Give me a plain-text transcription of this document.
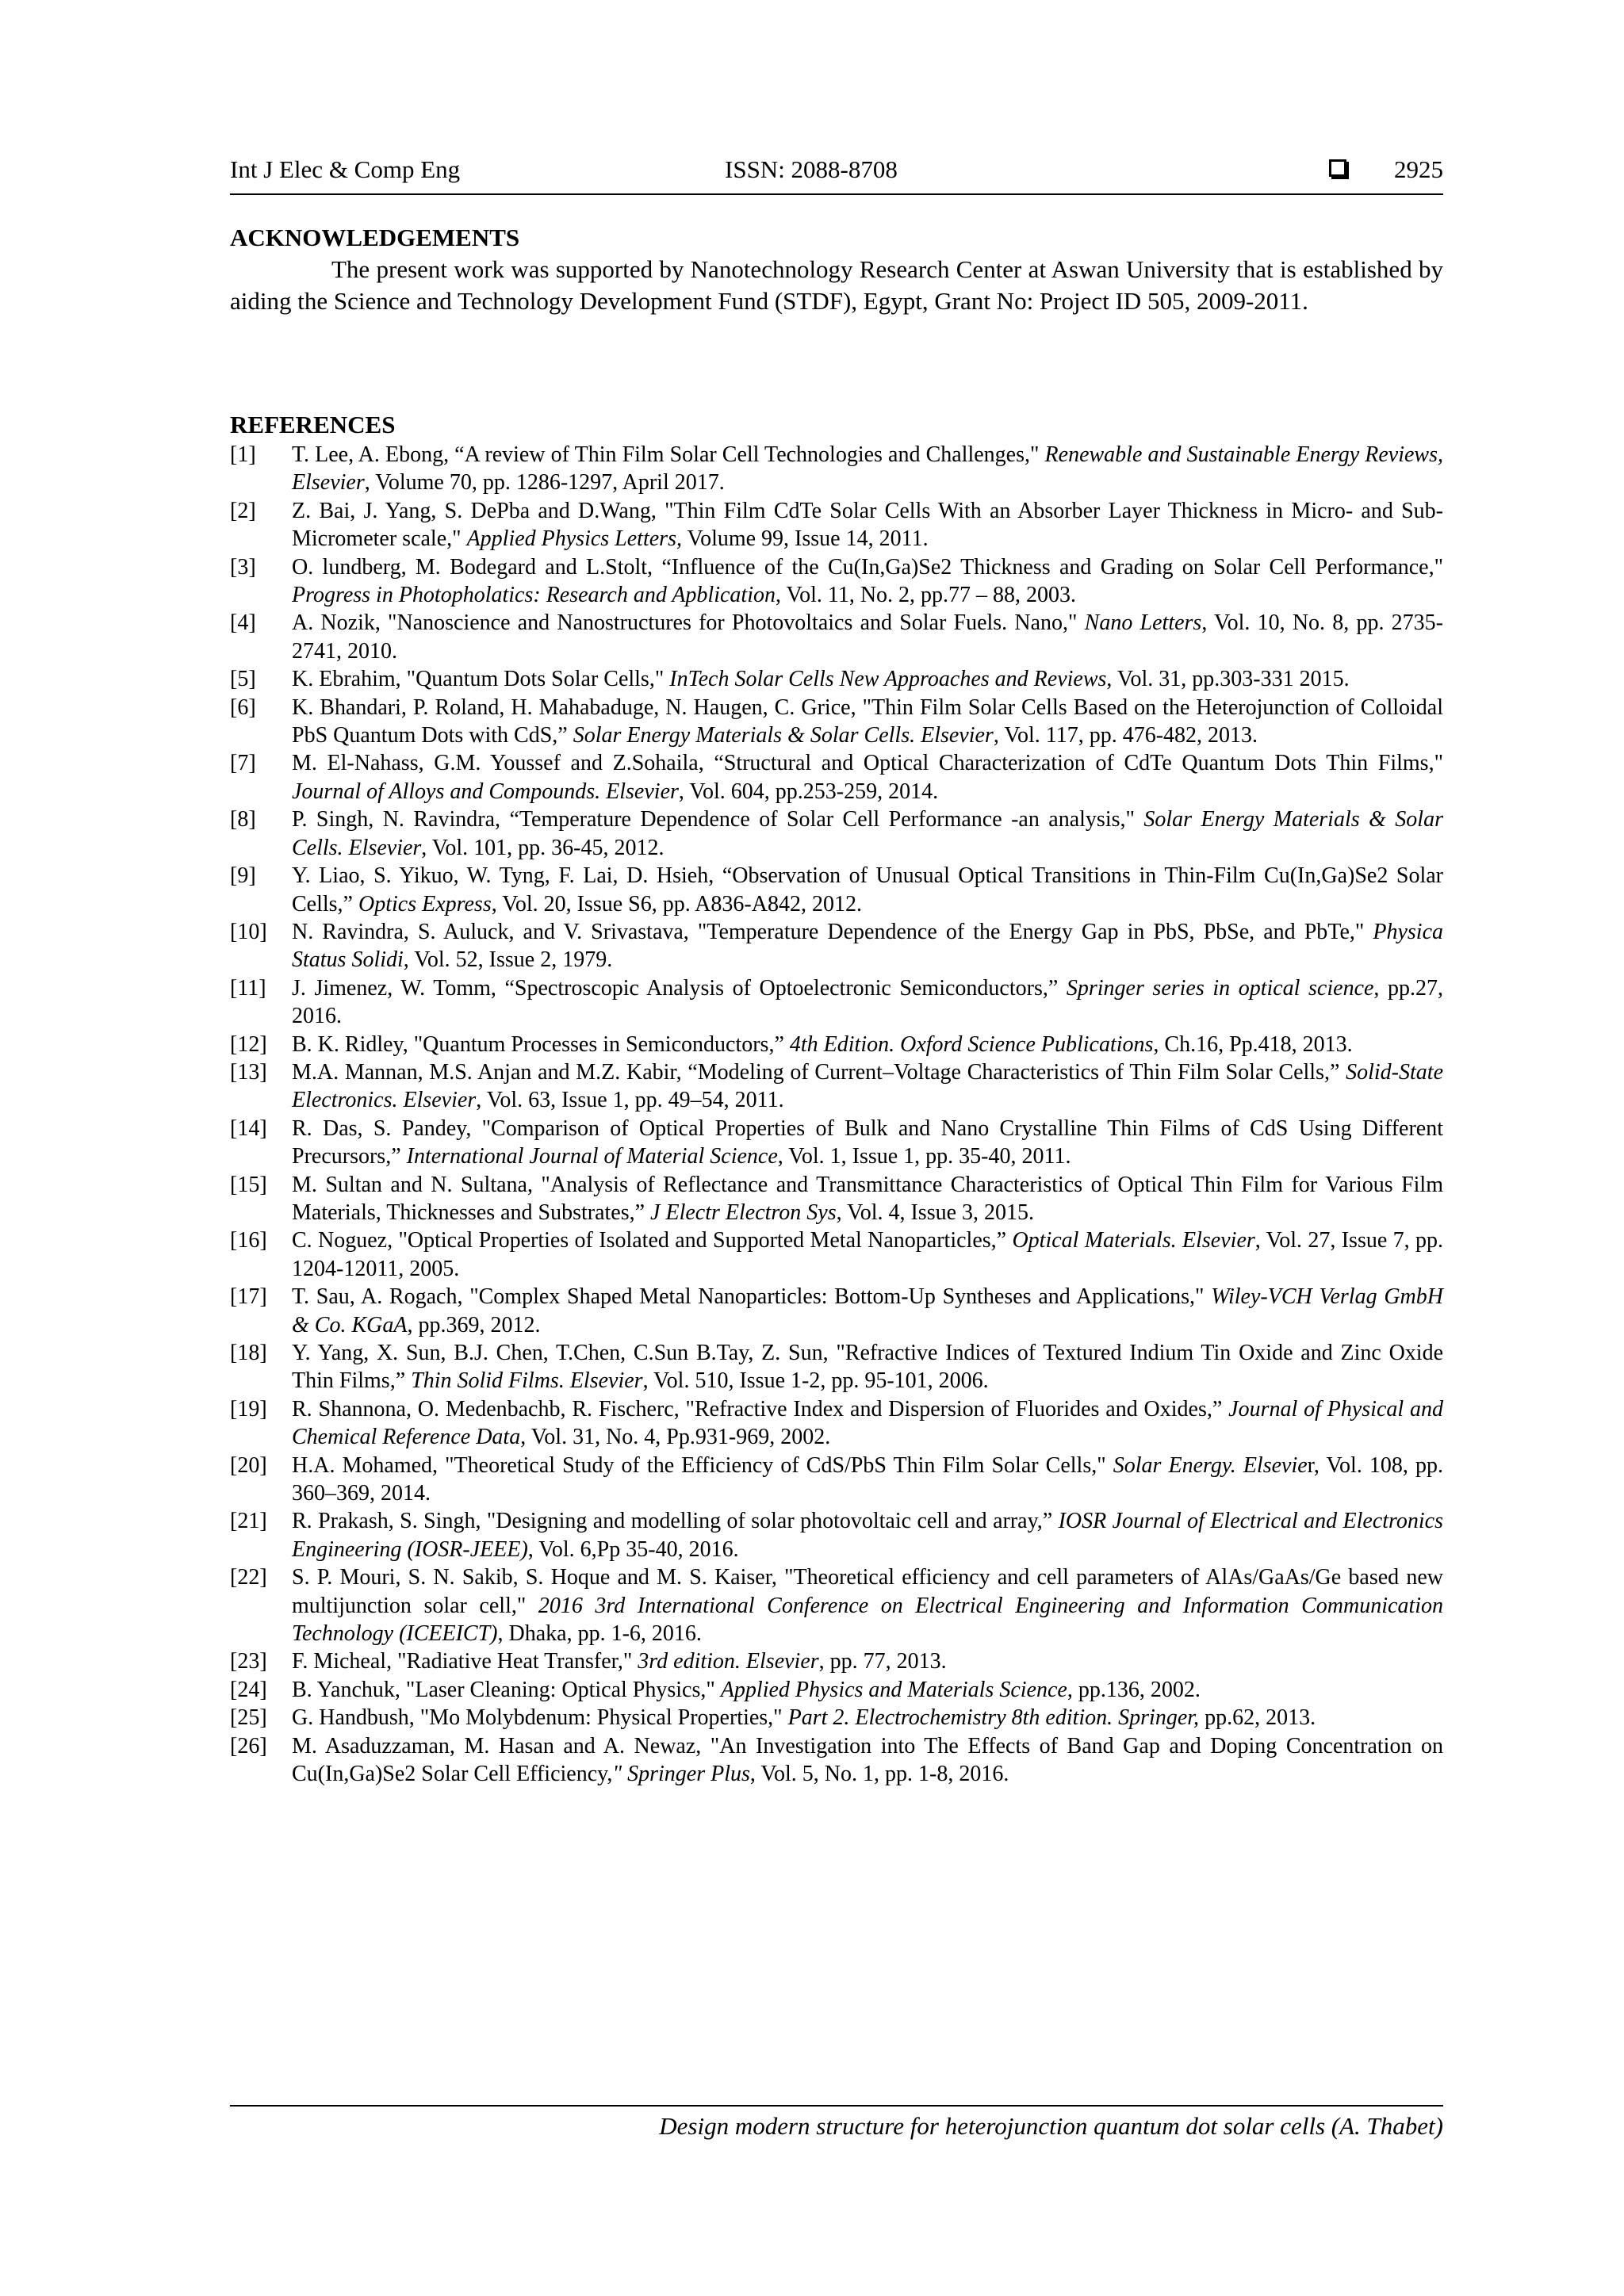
Int J Elec & Comp Eng	ISSN: 2088-8708	2925
ACKNOWLEDGEMENTS
The present work was supported by Nanotechnology Research Center at Aswan University that is established by aiding the Science and Technology Development Fund (STDF), Egypt, Grant No: Project ID 505, 2009-2011.
REFERENCES
[1] T. Lee, A. Ebong, “A review of Thin Film Solar Cell Technologies and Challenges," Renewable and Sustainable Energy Reviews, Elsevier, Volume 70, pp. 1286-1297, April 2017.
[2] Z. Bai, J. Yang, S. DePba and D.Wang, "Thin Film CdTe Solar Cells With an Absorber Layer Thickness in Micro- and Sub-Micrometer scale," Applied Physics Letters, Volume 99, Issue 14, 2011.
[3] O. lundberg, M. Bodegard and L.Stolt, “Influence of the Cu(In,Ga)Se2 Thickness and Grading on Solar Cell Performance," Progress in Photopholatics: Research and Apblication, Vol. 11, No. 2, pp.77 – 88, 2003.
[4] A. Nozik, "Nanoscience and Nanostructures for Photovoltaics and Solar Fuels. Nano," Nano Letters, Vol. 10, No. 8, pp. 2735-2741, 2010.
[5] K. Ebrahim, "Quantum Dots Solar Cells," InTech Solar Cells New Approaches and Reviews, Vol. 31, pp.303-331 2015.
[6] K. Bhandari, P. Roland, H. Mahabaduge, N. Haugen, C. Grice, "Thin Film Solar Cells Based on the Heterojunction of Colloidal PbS Quantum Dots with CdS,” Solar Energy Materials & Solar Cells. Elsevier, Vol. 117, pp. 476-482, 2013.
[7] M. El-Nahass, G.M. Youssef and Z.Sohaila, “Structural and Optical Characterization of CdTe Quantum Dots Thin Films," Journal of Alloys and Compounds. Elsevier, Vol. 604, pp.253-259, 2014.
[8] P. Singh, N. Ravindra, “Temperature Dependence of Solar Cell Performance -an analysis," Solar Energy Materials & Solar Cells. Elsevier, Vol. 101, pp. 36-45, 2012.
[9] Y. Liao, S. Yikuo, W. Tyng, F. Lai, D. Hsieh, “Observation of Unusual Optical Transitions in Thin-Film Cu(In,Ga)Se2 Solar Cells,” Optics Express, Vol. 20, Issue S6, pp. A836-A842, 2012.
[10] N. Ravindra, S. Auluck, and V. Srivastava, "Temperature Dependence of the Energy Gap in PbS, PbSe, and PbTe," Physica Status Solidi, Vol. 52, Issue 2, 1979.
[11] J. Jimenez, W. Tomm, “Spectroscopic Analysis of Optoelectronic Semiconductors,” Springer series in optical science, pp.27, 2016.
[12] B. K. Ridley, "Quantum Processes in Semiconductors,” 4th Edition. Oxford Science Publications, Ch.16, Pp.418, 2013.
[13] M.A. Mannan, M.S. Anjan and M.Z. Kabir, “Modeling of Current–Voltage Characteristics of Thin Film Solar Cells,” Solid-State Electronics. Elsevier, Vol. 63, Issue 1, pp. 49–54, 2011.
[14] R. Das, S. Pandey, "Comparison of Optical Properties of Bulk and Nano Crystalline Thin Films of CdS Using Different Precursors,” International Journal of Material Science, Vol. 1, Issue 1, pp. 35-40, 2011.
[15] M. Sultan and N. Sultana, "Analysis of Reflectance and Transmittance Characteristics of Optical Thin Film for Various Film Materials, Thicknesses and Substrates,” J Electr Electron Sys, Vol. 4, Issue 3, 2015.
[16] C. Noguez, "Optical Properties of Isolated and Supported Metal Nanoparticles,” Optical Materials. Elsevier, Vol. 27, Issue 7, pp. 1204-12011, 2005.
[17] T. Sau, A. Rogach, "Complex Shaped Metal Nanoparticles: Bottom-Up Syntheses and Applications," Wiley-VCH Verlag GmbH & Co. KGaA, pp.369, 2012.
[18] Y. Yang, X. Sun, B.J. Chen, T.Chen, C.Sun B.Tay, Z. Sun, "Refractive Indices of Textured Indium Tin Oxide and Zinc Oxide Thin Films,” Thin Solid Films. Elsevier, Vol. 510, Issue 1-2, pp. 95-101, 2006.
[19] R. Shannona, O. Medenbachb, R. Fischerc, "Refractive Index and Dispersion of Fluorides and Oxides,” Journal of Physical and Chemical Reference Data, Vol. 31, No. 4, Pp.931-969, 2002.
[20] H.A. Mohamed, "Theoretical Study of the Efficiency of CdS/PbS Thin Film Solar Cells," Solar Energy. Elsevier, Vol. 108, pp. 360–369, 2014.
[21] R. Prakash, S. Singh, "Designing and modelling of solar photovoltaic cell and array,” IOSR Journal of Electrical and Electronics Engineering (IOSR-JEEE), Vol. 6,Pp 35-40, 2016.
[22] S. P. Mouri, S. N. Sakib, S. Hoque and M. S. Kaiser, "Theoretical efficiency and cell parameters of AlAs/GaAs/Ge based new multijunction solar cell," 2016 3rd International Conference on Electrical Engineering and Information Communication Technology (ICEEICT), Dhaka, pp. 1-6, 2016.
[23] F. Micheal, "Radiative Heat Transfer," 3rd edition. Elsevier, pp. 77, 2013.
[24] B. Yanchuk, "Laser Cleaning: Optical Physics," Applied Physics and Materials Science, pp.136, 2002.
[25] G. Handbush, "Mo Molybdenum: Physical Properties," Part 2. Electrochemistry 8th edition. Springer, pp.62, 2013.
[26] M. Asaduzzaman, M. Hasan and A. Newaz, "An Investigation into The Effects of Band Gap and Doping Concentration on Cu(In,Ga)Se2 Solar Cell Efficiency," Springer Plus, Vol. 5, No. 1, pp. 1-8, 2016.
Design modern structure for heterojunction quantum dot solar cells (A. Thabet)
